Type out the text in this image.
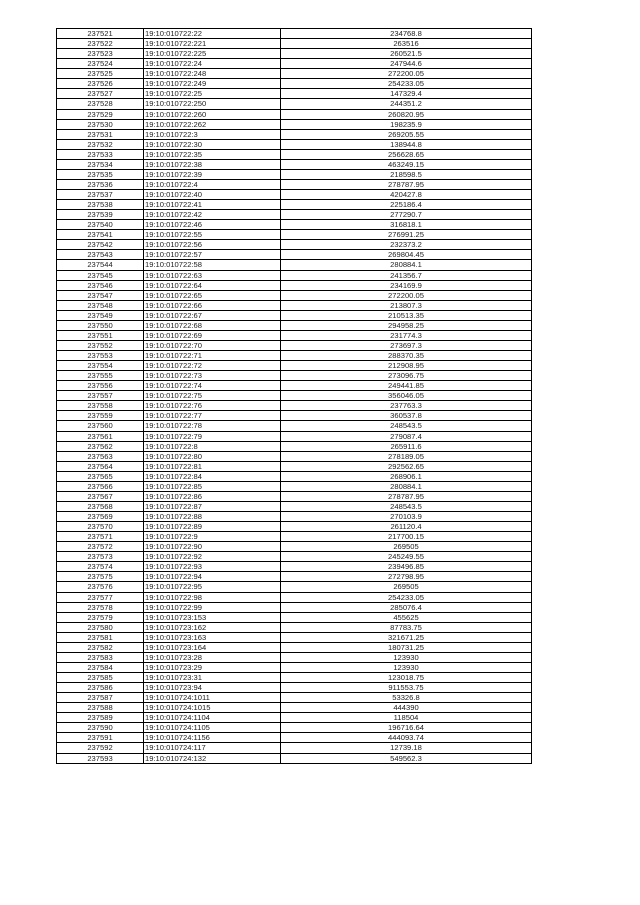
237521	19:10:010722:22	234768.8
237522	19:10:010722:221	263516
237523	19:10:010722:225	260521.5
237524	19:10:010722:24	247944.6
237525	19:10:010722:248	272200.05
237526	19:10:010722:249	254233.05
237527	19:10:010722:25	147329.4
237528	19:10:010722:250	244351.2
237529	19:10:010722:260	260820.95
237530	19:10:010722:262	198235.9
237531	19:10:010722:3	269205.55
237532	19:10:010722:30	138944.8
237533	19:10:010722:35	256628.65
237534	19:10:010722:38	463249.15
237535	19:10:010722:39	218598.5
237536	19:10:010722:4	278787.95
237537	19:10:010722:40	420427.8
237538	19:10:010722:41	225186.4
237539	19:10:010722:42	277290.7
237540	19:10:010722:46	316818.1
237541	19:10:010722:55	276991.25
237542	19:10:010722:56	232373.2
237543	19:10:010722:57	269804.45
237544	19:10:010722:58	280884.1
237545	19:10:010722:63	241356.7
237546	19:10:010722:64	234169.9
237547	19:10:010722:65	272200.05
237548	19:10:010722:66	213807.3
237549	19:10:010722:67	210513.35
237550	19:10:010722:68	294958.25
237551	19:10:010722:69	231774.3
237552	19:10:010722:70	273697.3
237553	19:10:010722:71	288370.35
237554	19:10:010722:72	212908.95
237555	19:10:010722:73	273096.75
237556	19:10:010722:74	249441.85
237557	19:10:010722:75	356046.05
237558	19:10:010722:76	237763.3
237559	19:10:010722:77	360537.8
237560	19:10:010722:78	248543.5
237561	19:10:010722:79	279087.4
237562	19:10:010722:8	265911.6
237563	19:10:010722:80	278189.05
237564	19:10:010722:81	292562.65
237565	19:10:010722:84	268906.1
237566	19:10:010722:85	280884.1
237567	19:10:010722:86	278787.95
237568	19:10:010722:87	248543.5
237569	19:10:010722:88	270103.9
237570	19:10:010722:89	261120.4
237571	19:10:010722:9	217700.15
237572	19:10:010722:90	269505
237573	19:10:010722:92	245249.55
237574	19:10:010722:93	239496.85
237575	19:10:010722:94	272798.95
237576	19:10:010722:95	269505
237577	19:10:010722:98	254233.05
237578	19:10:010722:99	285076.4
237579	19:10:010723:153	455625
237580	19:10:010723:162	87783.75
237581	19:10:010723:163	321671.25
237582	19:10:010723:164	180731.25
237583	19:10:010723:28	123930
237584	19:10:010723:29	123930
237585	19:10:010723:31	123018.75
237586	19:10:010723:94	911553.75
237587	19:10:010724:1011	53326.8
237588	19:10:010724:1015	444390
237589	19:10:010724:1104	118504
237590	19:10:010724:1105	196716.64
237591	19:10:010724:1156	444093.74
237592	19:10:010724:117	12739.18
237593	19:10:010724:132	549562.3
